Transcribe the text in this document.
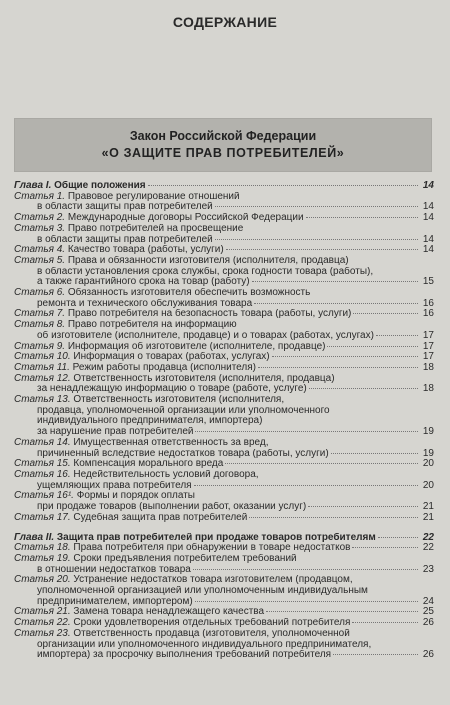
СОДЕРЖАНИЕ
Закон Российской Федерации
«О ЗАЩИТЕ ПРАВ ПОТРЕБИТЕЛЕЙ»
Глава I. Общие положения	14
Статья 1. Правовое регулирование отношений
в области защиты прав потребителей	14
Статья 2. Международные договоры Российской Федерации	14
Статья 3. Право потребителей на просвещение
в области защиты прав потребителей	14
Статья 4. Качество товара (работы, услуги)	14
Статья 5. Права и обязанности изготовителя (исполнителя, продавца)
в области установления срока службы, срока годности товара (работы),
а также гарантийного срока на товар (работу)	15
Статья 6. Обязанность изготовителя обеспечить возможность
ремонта и технического обслуживания товара	16
Статья 7. Право потребителя на безопасность товара (работы, услуги)	16
Статья 8. Право потребителя на информацию
об изготовителе (исполнителе, продавце) и о товарах (работах, услугах)	17
Статья 9. Информация об изготовителе (исполнителе, продавце)	17
Статья 10. Информация о товарах (работах, услугах)	17
Статья 11. Режим работы продавца (исполнителя)	18
Статья 12. Ответственность изготовителя (исполнителя, продавца)
за ненадлежащую информацию о товаре (работе, услуге)	18
Статья 13. Ответственность изготовителя (исполнителя,
продавца, уполномоченной организации или уполномоченного
индивидуального предпринимателя, импортера)
за нарушение прав потребителей	19
Статья 14. Имущественная ответственность за вред,
причиненный вследствие недостатков товара (работы, услуги)	19
Статья 15. Компенсация морального вреда	20
Статья 16. Недействительность условий договора,
ущемляющих права потребителя	20
Статья 16¹. Формы и порядок оплаты
при продаже товаров (выполнении работ, оказании услуг)	21
Статья 17. Судебная защита прав потребителей	21
Глава II. Защита прав потребителей при продаже товаров потребителям	22
Статья 18. Права потребителя при обнаружении в товаре недостатков	22
Статья 19. Сроки предъявления потребителем требований
в отношении недостатков товара	23
Статья 20. Устранение недостатков товара изготовителем (продавцом,
уполномоченной организацией или уполномоченным индивидуальным
предпринимателем, импортером)	24
Статья 21. Замена товара ненадлежащего качества	25
Статья 22. Сроки удовлетворения отдельных требований потребителя	26
Статья 23. Ответственность продавца (изготовителя, уполномоченной
организации или уполномоченного индивидуального предпринимателя,
импортера) за просрочку выполнения требований потребителя	26
